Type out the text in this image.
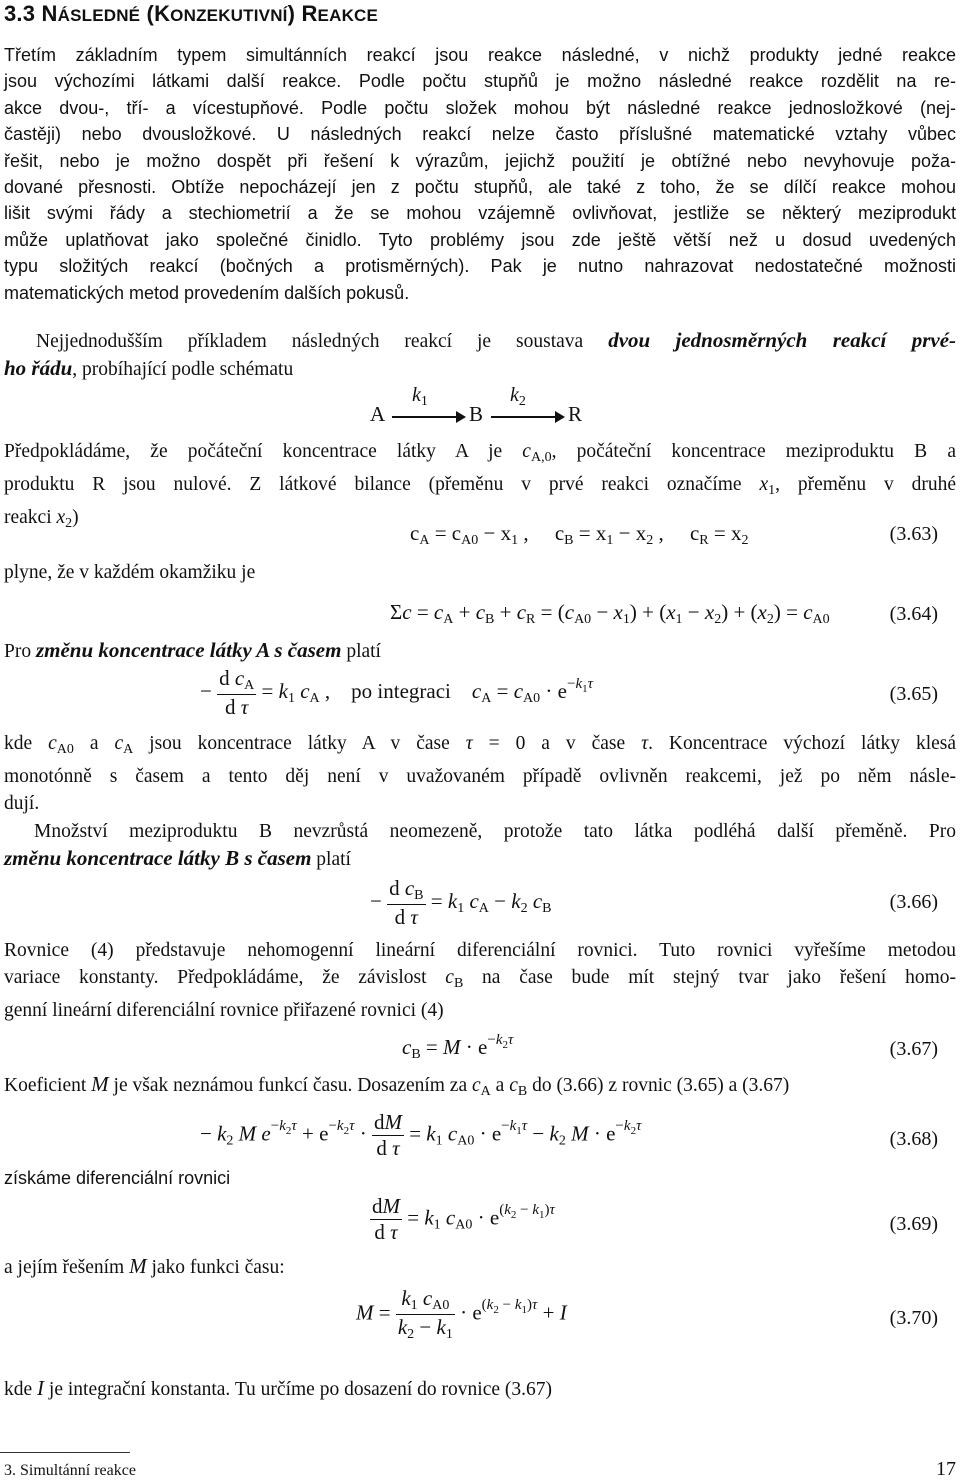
3.3 NÁSLEDNÉ (KONZEKUTIVNÍ) REAKCE
Třetím základním typem simultánních reakcí jsou reakce následné, v nichž produkty jedné reakce
jsou výchozími látkami další reakce. Podle počtu stupňů je možno následné reakce rozdělit na re-
akce dvou-, tří- a vícestupňové. Podle počtu složek mohou být následné reakce jednosložkové (nej-
častěji) nebo dvousložkové. U následných reakcí nelze často příslušné matematické vztahy vůbec
řešit, nebo je možno dospět při řešení k výrazům, jejichž použití je obtížné nebo nevyhovuje poža-
dované přesnosti. Obtíže nepocházejí jen z počtu stupňů, ale také z toho, že se dílčí reakce mohou
lišit svými řády a stechiometrií a že se mohou vzájemně ovlivňovat, jestliže se některý meziprodukt
může uplatňovat jako společné činidlo. Tyto problémy jsou zde ještě větší než u dosud uvedených
typu složitých reakcí (bočných a protisměrných). Pak je nutno nahrazovat nedostatečné možnosti
matematických metod provedením dalších pokusů.
Nejjednodušším příkladem následných reakcí je soustava dvou jednosměrných reakcí prvé-
ho řádu, probíhající podle schématu
A
$k_1$
B
$k_2$
R
Předpokládáme, že počáteční koncentrace látky A je $c_{A,0}$, počáteční koncentrace meziproduktu B a
produktu R jsou nulové. Z látkové bilance (přeměnu v prvé reakci označíme $x_1$, přeměnu v druhé
reakci $x_2$)
$c_A = c_{A0} - x_1$ ,     $c_B = x_1 - x_2$ ,     $c_R = x_2$	(3.63)
plyne, že v každém okamžiku je
$\Sigma c = c_A + c_B + c_R = (c_{A0} - x_1) + (x_1 - x_2) + (x_2) = c_{A0}$	(3.64)
Pro změnu koncentrace látky A s časem platí
− $\frac{d c_A}{\text{d τ}} = k_1$ $c_A$ ,    po integraci $c_A = c_{A0} \cdot e^{-k_1\tau}$	(3.65)
kde $c_{A0}$ a $c_A$ jsou koncentrace látky A v čase τ = 0 a v čase τ. Koncentrace výchozí látky klesá
monotónně s časem a tento děj není v uvažovaném případě ovlivněn reakcemi, jež po něm násle-
dují.
Množství meziproduktu B nevzrůstá neomezeně, protože tato látka podléhá další přeměně. Pro
změnu koncentrace látky B s časem platí
− $\frac{d c_B}{\text{d τ}} = k_1$ $c_A - k_2$ $c_B$	(3.66)
Rovnice (4) představuje nehomogenní lineární diferenciální rovnici. Tuto rovnici vyřešíme metodou
variace konstanty. Předpokládáme, že závislost $c_B$ na čase bude mít stejný tvar jako řešení homo-
genní lineární diferenciální rovnice přiřazené rovnici (4)
$c_B = M \cdot e^{-k_2\tau}$	(3.67)
Koeficient M je však neznámou funkcí času. Dosazením za $c_A$ a $c_B$ do (3.66) z rovnic (3.65) a (3.67)
− $k_2$ M $e^{-k_2\tau} + e^{-k_2\tau} \cdot \frac{dM}{\text{d τ}} = k_1$ $c_{A0} \cdot e^{-k_1\tau} - k_2$ $M \cdot e^{-k_2\tau}$
(3.68)
získáme diferenciální rovnici
$\frac{dM}{\text{d τ}} = k_1$ $c_{A0} \cdot e^{(k_2 - k_1)\tau}$
(3.69)
a jejím řešením M jako funkci času:
$M = \frac{k_1 c_{A0}}{k_2 - k_1} \cdot e^{(k_2 - k_1)\tau} + I$	(3.70)
kde I je integrační konstanta. Tu určíme po dosazení do rovnice (3.67)
3. Simultánní reakce	17
